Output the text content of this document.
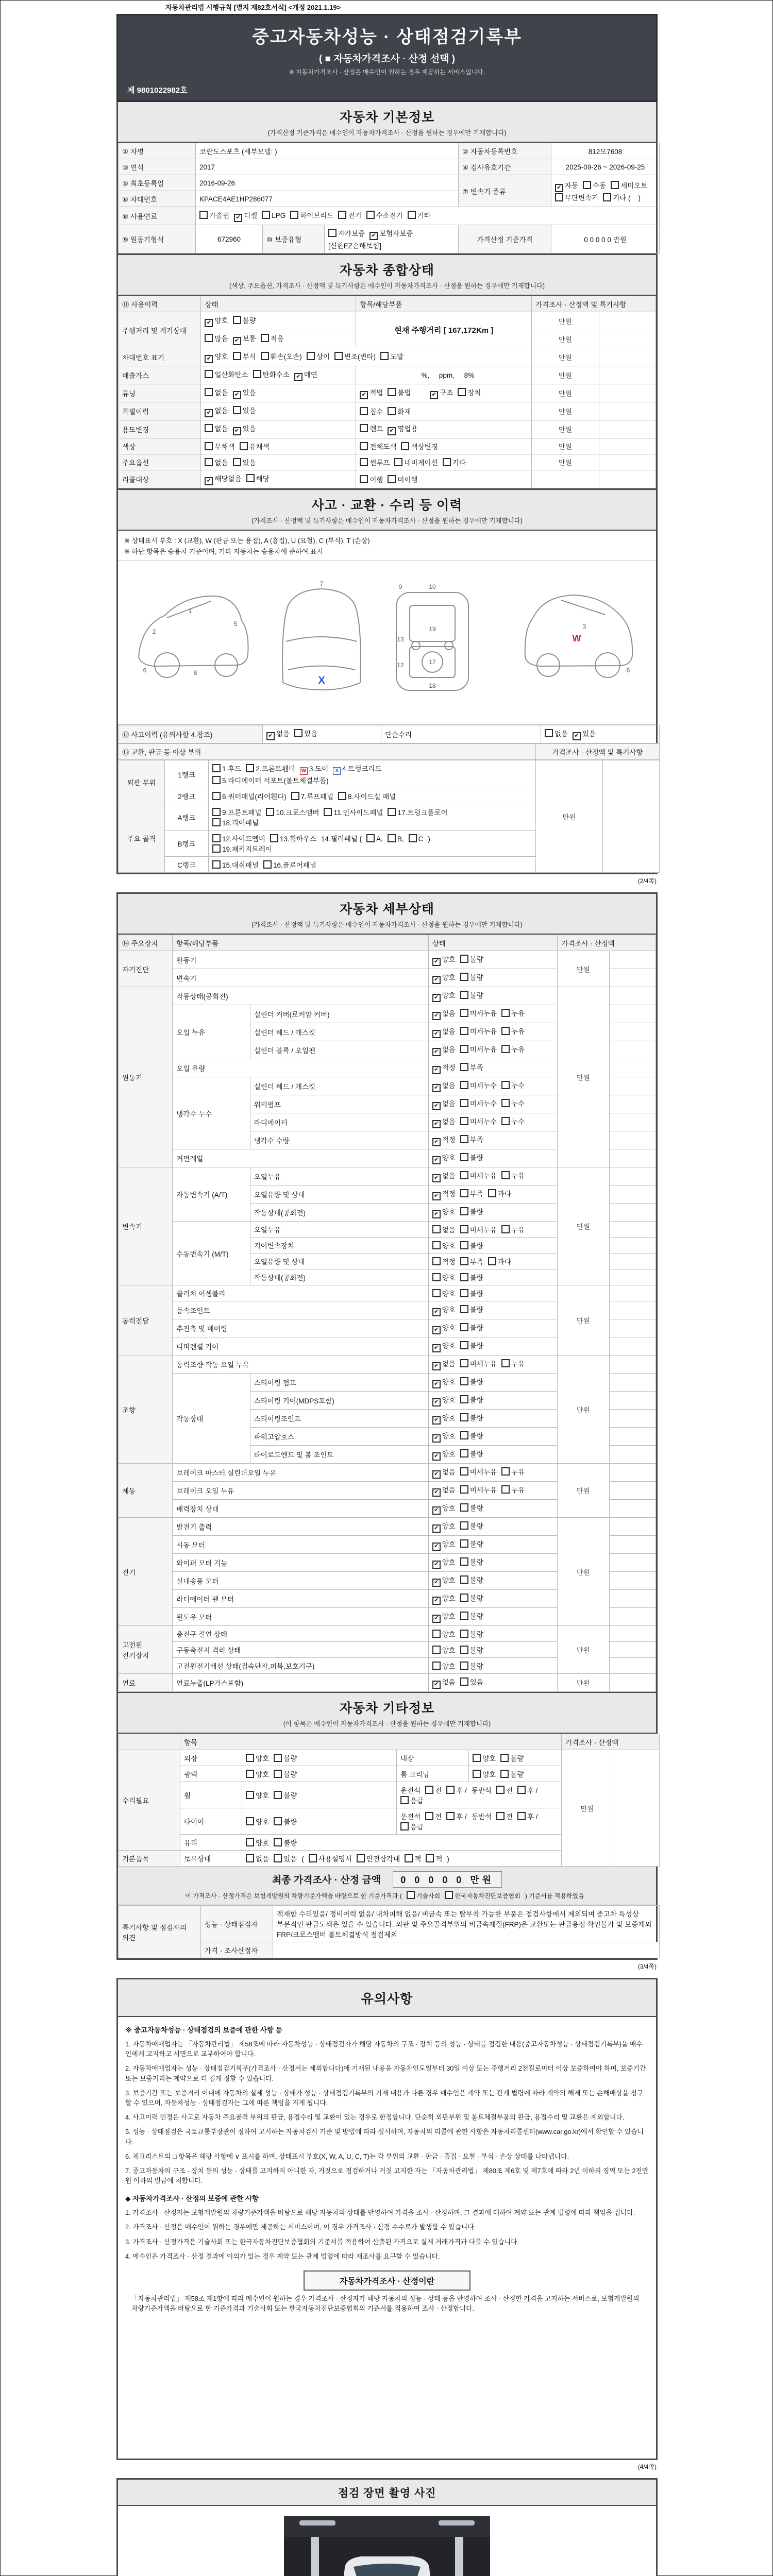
자동차관리법 시행규칙 [별지 제82호서식] <개정 2021.1.19>
중고자동차성능 · 상태점검기록부
( ■ 자동차가격조사 · 산정 선택 )
※ 자동차가격조사 · 산정은 매수인이 원하는 경우 제공하는 서비스입니다.
제 9801022982호
자동차 기본정보
(가격산정 기준가격은 매수인이 자동차가격조사 · 산정을 원하는 경우에만 기재합니다)
① 차명	코란도스포츠 (세부모델: )			② 자동차등록번호	812모7608
③ 연식	2017			④ 검사유효기간	2025-09-26 ~ 2026-09-25
⑤ 최초등록일	2016-09-26			⑦ 변속기 종류	✔ 자동 수동 세미오토
무단변속기 기타 (    )
⑥ 차대번호	KPACE4AE1HP286077				
⑧ 사용연료	가솔린 ✔ 디젤 LPG 하이브리드 전기 수소전기 기타				
⑨ 원동기형식	672960	⑩ 보증유형	자가보증 ✔ 보험사보증[신한EZ손해보험]	가격산정 기준가격	0 0 0 0 0 만원
자동차 종합상태
(색상, 주요옵션, 가격조사 · 산정액 및 특기사항은 매수인이 자동차가격조사 · 산정을 원하는 경우에만 기재합니다)
⑪ 사용이력	상태	항목/해당부품	가격조사 · 산정액 및 특기사항	
주행거리 및 계기상태	✔ 양호 불량	현재 주행거리 [ 167,172Km ]	만원	
	많음 ✔ 보통 적음		만원	
차대번호 표기	✔ 양호 부식 훼손(오손) 상이 변조(변타) 도말		만원	
배출가스	일산화탄소 탄화수소 ✔ 매연	%,     ppm,     8%	만원	
튜닝	없음 ✔ 있음	✔ 적법 불법 ✔ 구조 장치	만원	
특별이력	✔ 없음 있음	침수 화재	만원	
용도변경	없음 ✔ 있음	렌트 ✔ 영업용	만원	
색상	무채색 유채색	전체도색 색상변경	만원	
주요옵션	없음 있음	썬루프 네비게이션 기타	만원	
리콜대상	✔ 해당없음 해당	이행 미이행		
사고 · 교환 · 수리 등 이력
(가격조사 · 산정액 및 특기사항은 매수인이 자동차가격조사 · 산정을 원하는 경우에만 기재합니다)
※ 상태표시 부호 : X (교환), W (판금 또는 용접), A (흠집), U (요철), C (부식), T (손상)
※ 하단 항목은 승용차 기준이며, 기타 자동차는 승용차에 준하여 표시
1
2
5
8
6
7
X
9	10
13
19
12	17
18
W
3
6
⑫ 사고이력 (유의사항 4.참조)	✔ 없음 있음	단순수리	없음 ✔ 있음
⑬ 교환, 판금 등 이상 부위	가격조사 · 산정액 및 특기사항
외판 부위	1랭크	1.후드 2.프론트휀더 W 3.도어 X 4.트렁크리드
5.라디에이터 서포트(볼트체결부품)	만원	
	2랭크	6.쿼터패널(리어휀다) 7.루프패널 8.사이드실 패널		
주요 골격	A랭크	9.프론트패널 10.크로스멤버 11.인사이드패널 17.트렁크플로어
18.리어패널		
	B랭크	12.사이드멤버 13.휠하우스 14.필러패널 ( A, B, C )
19.패키지트레이		
	C랭크	15.대쉬패널 16.플로어패널		
(2/4쪽)
자동차 세부상태
(가격조사 · 산정액 및 특기사항은 매수인이 자동차가격조사 · 산정을 원하는 경우에만 기재합니다)
⑭ 주요장치	항목/해당부품		상태	가격조사 · 산정액	
자기진단	원동기		✔ 양호 불량	만원	
	변속기		✔ 양호 불량		
원동기	작동상태(공회전)		✔ 양호 불량	만원	
	오일 누유	실린더 커버(로커암 커버)	✔ 없음 미세누유 누유		
		실린더 헤드 / 개스킷	✔ 없음 미세누유 누유		
		실린더 블록 / 오일팬	✔ 없음 미세누유 누유		
	오일 유량		✔ 적정 부족		
	냉각수 누수	실린더 헤드 / 개스킷	✔ 없음 미세누수 누수		
		워터펌프	✔ 없음 미세누수 누수		
		라디에이터	✔ 없음 미세누수 누수		
		냉각수 수량	✔ 적정 부족		
	커먼레일		✔ 양호 불량		
변속기	자동변속기 (A/T)	오일누유	✔ 없음 미세누유 누유	만원	
		오일유량 및 상태	✔ 적정 부족 과다		
		작동상태(공회전)	✔ 양호 불량		
	수동변속기 (M/T)	오일누유	없음 미세누유 누유		
		기어변속장치	양호 불량		
		오일유량 및 상태	적정 부족 과다		
		작동상태(공회전)	양호 불량		
동력전달	클러치 어셈블리		양호 불량	만원	
	등속조인트		✔ 양호 불량		
	추진축 및 베어링		✔ 양호 불량		
	디퍼렌셜 기어		✔ 양호 불량		
조향	동력조향 작동 오일 누유		✔ 없음 미세누유 누유	만원	
	작동상태	스티어링 펌프	✔ 양호 불량		
		스티어링 기어(MDPS포함)	✔ 양호 불량		
		스티어링조인트	✔ 양호 불량		
		파워고압호스	✔ 양호 불량		
		타이로드엔드 및 볼 조인트	✔ 양호 불량		
제동	브레이크 마스터 실린더오일 누유		✔ 없음 미세누유 누유	만원	
	브레이크 오일 누유		✔ 없음 미세누유 누유		
	배력장치 상태		✔ 양호 불량		
전기	발전기 출력		✔ 양호 불량	만원	
	시동 모터		✔ 양호 불량		
	와이퍼 모터 기능		✔ 양호 불량		
	실내송풍 모터		✔ 양호 불량		
	라디에이터 팬 모터		✔ 양호 불량		
	윈도우 모터		✔ 양호 불량		
고전원 전기장치	충전구 절연 상태		양호 불량	만원	
	구동축전지 격리 상태		양호 불량		
	고전원전기배선 상태(접속단자,피복,보호기구)		양호 불량		
연료	연료누출(LP가스포함)		✔ 없음 있음	만원	
자동차 기타정보
(이 항목은 매수인이 자동차가격조사 · 산정을 원하는 경우에만 기재합니다)
	항목				가격조사 · 산정액	
수리필요	외장	양호 불량	내장	양호 불량	만원	
	광택	양호 불량	룸 크리닝	양호 불량		
	휠	양호 불량	운전석 전 후 / 동반석 전 후 /응급			
	타이어	양호 불량	운전석 전 후 / 동반석 전 후 /응급			
	유리	양호 불량				
기본품목	보유상태	없음 있음 ( 사용설명서 안전삼각대 잭 잭 )				
최종 가격조사 · 산정 금액 0 0 0 0 0 만원
이 가격조사 · 산정가격은 보험개발원의 차량기준가액을 바탕으로 한 기준가격과 ( 기술사회 한국자동차진단보증협회 ) 기준서를 적용하였음
특기사항 및 점검자의 의견	성능 · 상태점검자	적재함 수리있음/ 정비이력 없음/ 내차피해 없음/ 비금속 또는 탈부착 가능한 부품은 점검사항에서 제외되며 중고차 특성상 부분적인 판금도색은 있을 수 있습니다. 외판 및 주요골격부위의 비금속재질(FRP)은 교환또는 판금용접 확인불가 및 보증제외 FRP/크로스멤버 볼트체결방식 점검제외
	가격 · 조사산정자	
(3/4쪽)
유의사항
※ 중고자동차성능 · 상태점검의 보증에 관한 사항 등
1. 자동차매매업자는 「자동차관리법」 제58조에 따라 자동차성능 · 상태점검자가 해당 자동차의 구조 · 장치 등의 성능 · 상태를 점검한 내용(중고자동차성능 · 상태점검기록부)을 매수인에게 고지하고 서면으로 교부하여야 합니다.
2. 자동차매매업자는 성능 · 상태점검기록부(가격조사 · 산정서는 제외합니다)에 기재된 내용을 자동차인도일부터 30일 이상 또는 주행거리 2천킬로미터 이상 보증하여야 하며, 보증기간 또는 보증거리는 계약으로 더 길게 정할 수 있습니다.
3. 보증기간 또는 보증거리 이내에 자동차의 실제 성능 · 상태가 성능 · 상태점검기록부의 기재 내용과 다른 경우 매수인은 계약 또는 관계 법령에 따라 계약의 해제 또는 손해배상을 청구할 수 있으며, 자동차성능 · 상태점검자는 그에 따른 책임을 지게 됩니다.
4. 사고이력 인정은 사고로 자동차 주요골격 부위의 판금, 용접수리 및 교환이 있는 경우로 한정합니다. 단순히 외판부위 및 볼트체결부품의 판금, 용접수리 및 교환은 제외합니다.
5. 성능 · 상태점검은 국토교통부장관이 정하여 고시하는 자동차검사 기준 및 방법에 따라 실시하며, 자동차의 리콜에 관한 사항은 자동차리콜센터(www.car.go.kr)에서 확인할 수 있습니다.
6. 체크리스트의 □ 항목은 해당 사항에 ∨ 표시를 하며, 상태표시 부호(X, W, A, U, C, T)는 각 부위의 교환 · 판금 · 흠집 · 요철 · 부식 · 손상 상태를 나타냅니다.
7. 중고자동차의 구조 · 장치 등의 성능 · 상태를 고지하지 아니한 자, 거짓으로 점검하거나 거짓 고지한 자는 「자동차관리법」 제80조 제6호 및 제7호에 따라 2년 이하의 징역 또는 2천만원 이하의 벌금에 처합니다.
◆ 자동차가격조사 · 산정의 보증에 관한 사항
1. 가격조사 · 산정자는 보험개발원의 차량기준가액을 바탕으로 해당 자동차의 상태를 반영하여 가격을 조사 · 산정하며, 그 결과에 대하여 계약 또는 관계 법령에 따라 책임을 집니다.
2. 가격조사 · 산정은 매수인이 원하는 경우에만 제공하는 서비스이며, 이 경우 가격조사 · 산정 수수료가 발생할 수 있습니다.
3. 가격조사 · 산정가격은 기술사회 또는 한국자동차진단보증협회의 기준서를 적용하여 산출된 가격으로 실제 거래가격과 다를 수 있습니다.
4. 매수인은 가격조사 · 산정 결과에 이의가 있는 경우 계약 또는 관계 법령에 따라 재조사를 요구할 수 있습니다.
자동차가격조사 · 산정이란
「자동차관리법」 제58조 제1항에 따라 매수인이 원하는 경우 가격조사 · 산정자가 해당 자동차의 성능 · 상태 등을 반영하여 조사 · 산정한 가격을 고지하는 서비스로, 보험개발원의 차량기준가액을 바탕으로 한 기준가격과 기술사회 또는 한국자동차진단보증협회의 기준서를 적용하여 조사 · 산정합니다.
(4/4쪽)
점검 장면 촬영 사진
